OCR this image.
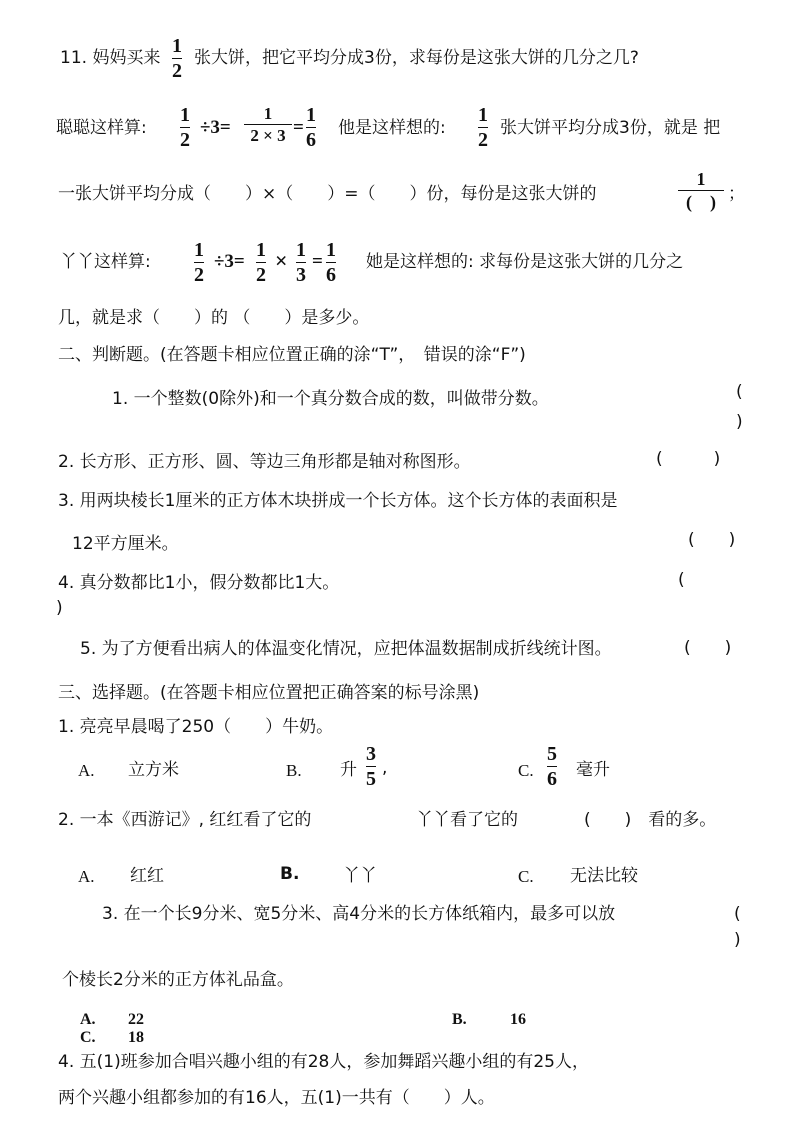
11. 妈妈买来
1
2
张大饼，把它平均分成3份，求每份是这张大饼的几分之几?
聪聪这样算:
1
2
÷3=
1
2 × 3 =
1
6
他是这样想的:
1
2
张大饼平均分成3份，就是 把
一张大饼平均分成（　　）×（　　）=（　　）份，每份是这张大饼的
1
(　) ；
丫丫这样算:
1
2
÷3=
1
2
× 1
3
=
1
6
她是这样想的: 求每份是这张大饼的几分之
几，就是求（　　）的 （　　）是多少。
二、判断题。(在答题卡相应位置正确的涂“T”，　错误的涂“F”)
1. 一个整数(0除外)和一个真分数合成的数，叫做带分数。	(
)
2. 长方形、正方形、圆、等边三角形都是轴对称图形。	(　　　)
3. 用两块棱长1厘米的正方体木块拼成一个长方体。这个长方体的表面积是
12平方厘米。	(　　)
4. 真分数都比1小，假分数都比1大。	(
)
5. 为了方便看出病人的体温变化情况，应把体温数据制成折线统计图。	(　　)
三、选择题。(在答题卡相应位置把正确答案的标号涂黑)
1. 亮亮早晨喝了250（　　）牛奶。
A. 立方米	B. 升
3
5 ,	C.
5
6 毫升
2. 一本《西游记》, 红红看了它的	丫丫看了它的	(　　)　看的多。
A. 红红	B.	丫丫	C. 无法比较
3. 在一个长9分米、宽5分米、高4分米的长方体纸箱内，最多可以放	(
)
个棱长2分米的正方体礼品盒。
A. 22	B.	16
C. 18
4. 五(1)班参加合唱兴趣小组的有28人，参加舞蹈兴趣小组的有25人，
两个兴趣小组都参加的有16人，五(1)一共有（　　）人。
